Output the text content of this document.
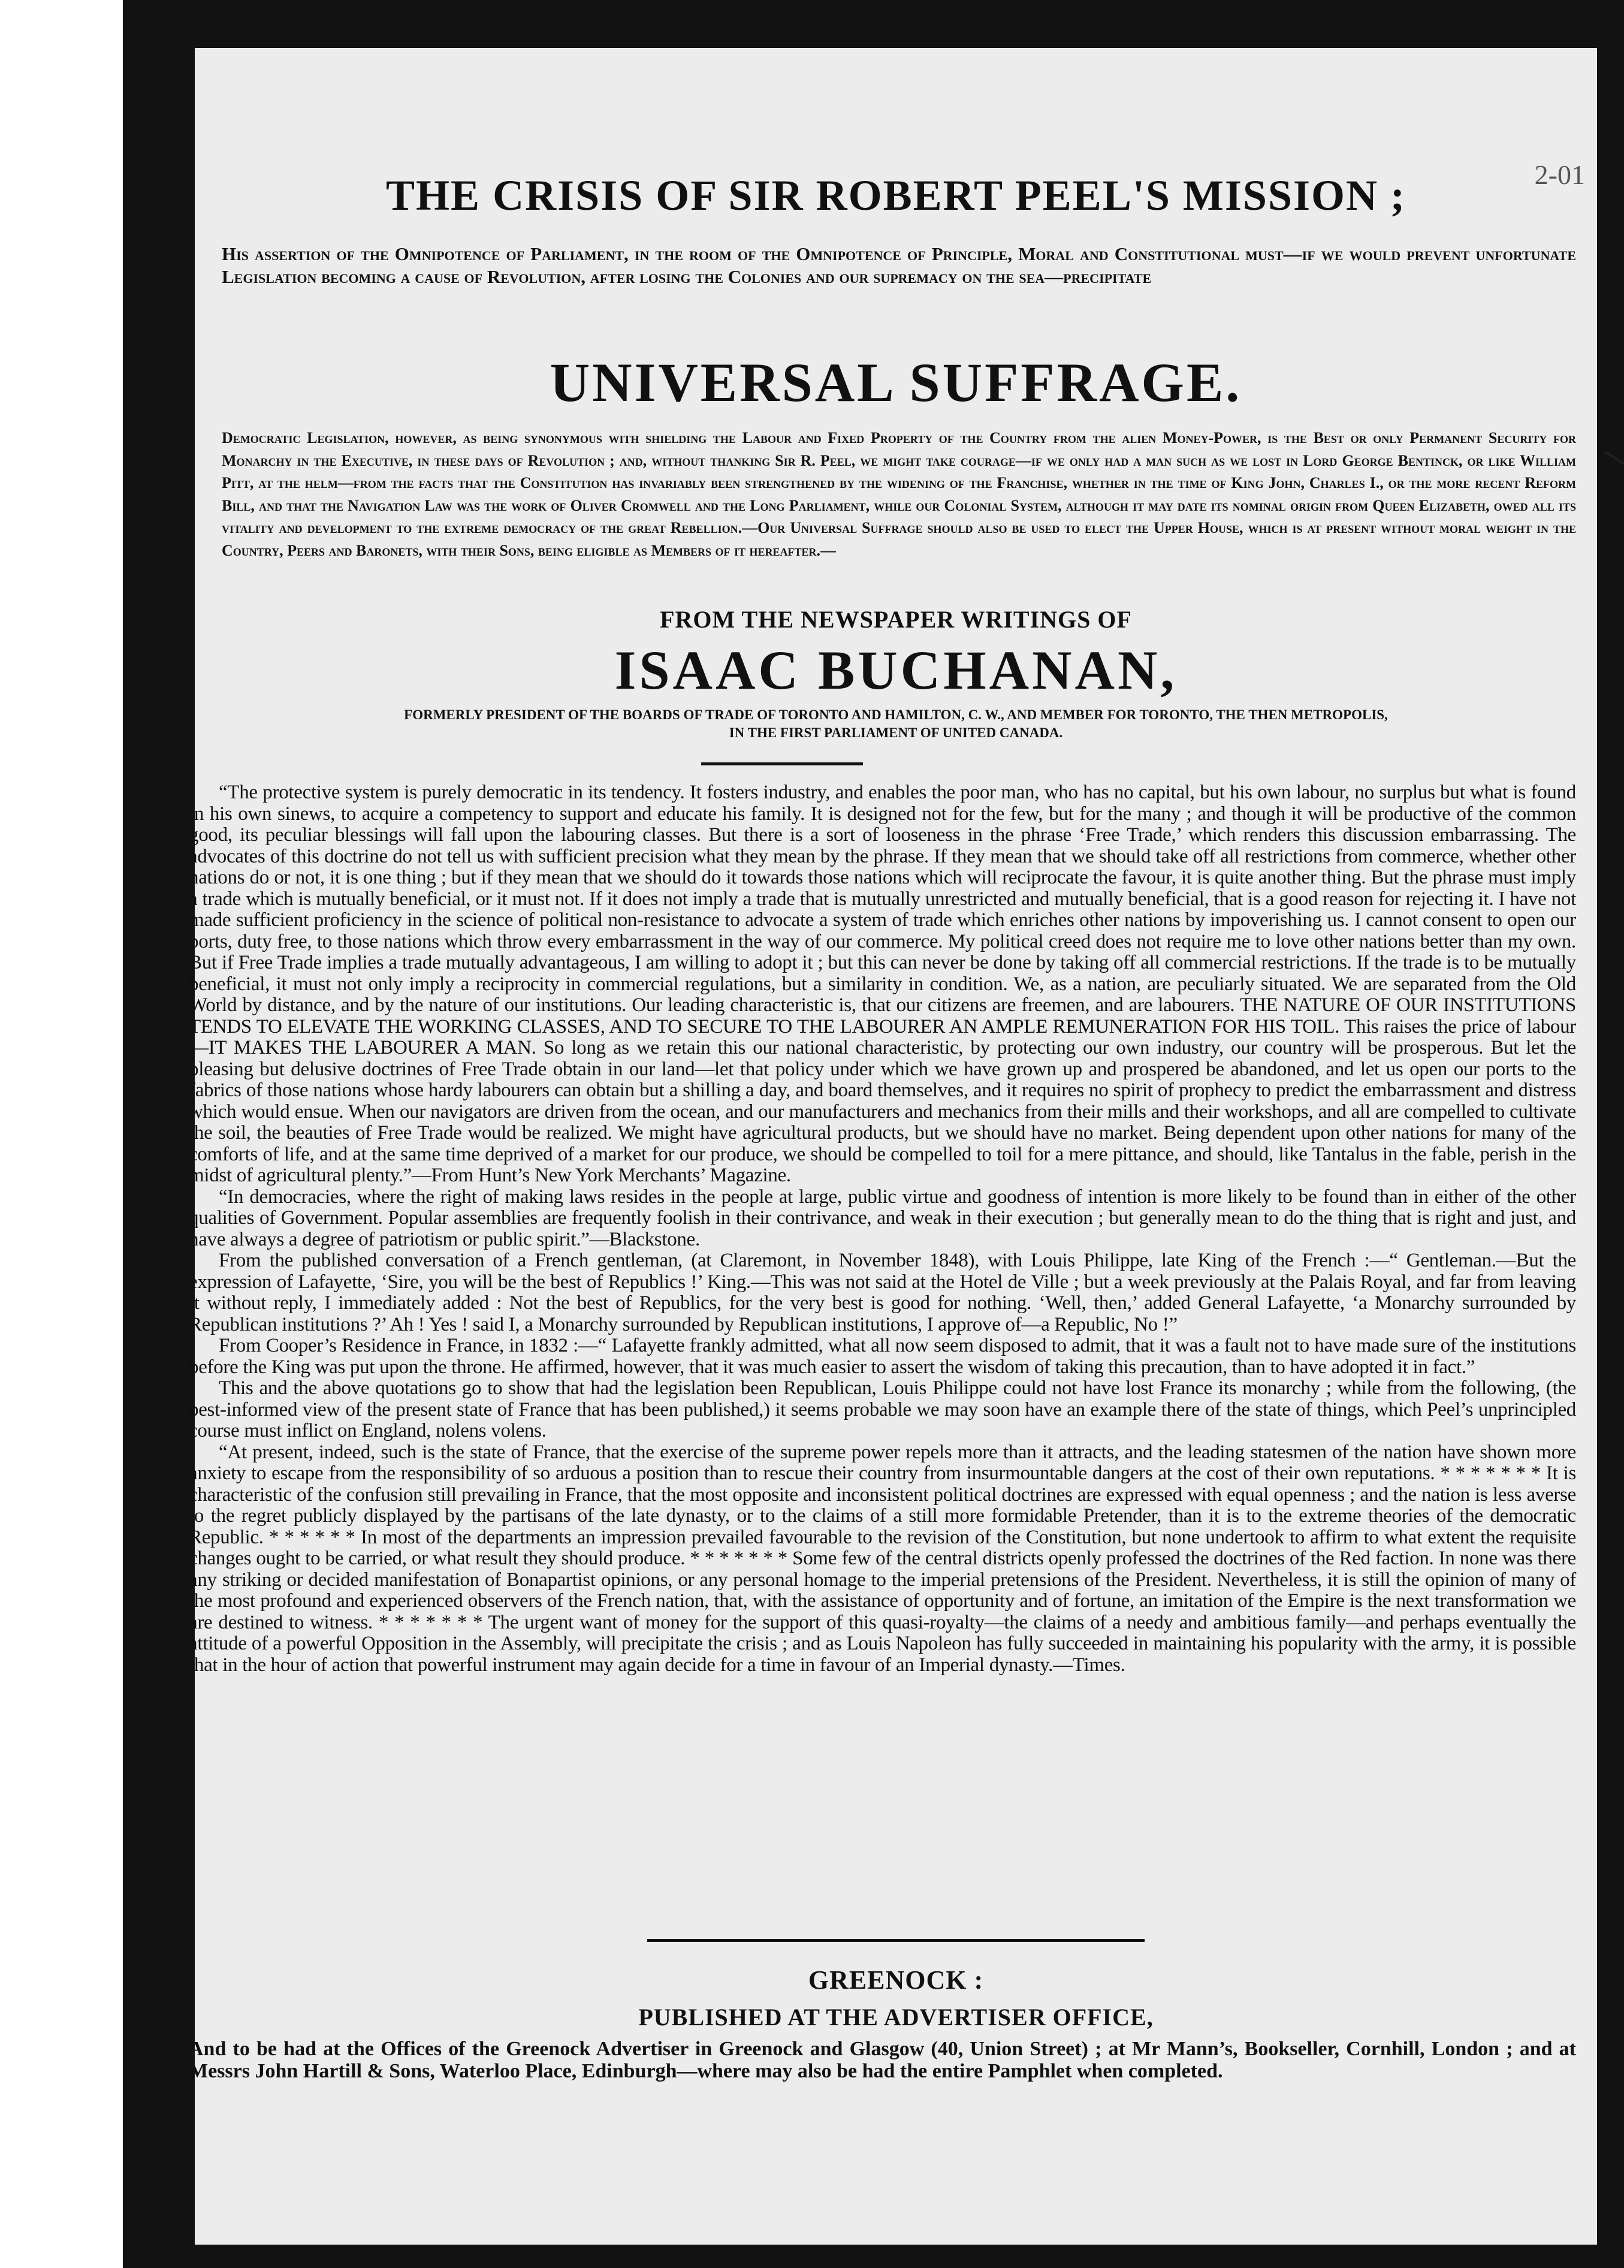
2-01
THE CRISIS OF SIR ROBERT PEEL'S MISSION ;
His assertion of the Omnipotence of Parliament, in the room of the Omnipotence of Principle, Moral and Constitutional must—if we would prevent unfortunate Legislation becoming a cause of Revolution, after losing the Colonies and our supremacy on the sea—precipitate
UNIVERSAL SUFFRAGE.
Democratic Legislation, however, as being synonymous with shielding the Labour and Fixed Property of the Country from the alien Money-Power, is the Best or only Permanent Security for Monarchy in the Executive, in these days of Revolution ; and, without thanking Sir R. Peel, we might take courage—if we only had a man such as we lost in Lord George Bentinck, or like William Pitt, at the helm—from the facts that the Constitution has invariably been strengthened by the widening of the Franchise, whether in the time of King John, Charles I., or the more recent Reform Bill, and that the Navigation Law was the work of Oliver Cromwell and the Long Parliament, while our Colonial System, although it may date its nominal origin from Queen Elizabeth, owed all its vitality and development to the extreme democracy of the great Rebellion.—Our Universal Suffrage should also be used to elect the Upper House, which is at present without moral weight in the Country, Peers and Baronets, with their Sons, being eligible as Members of it hereafter.—
FROM THE NEWSPAPER WRITINGS OF
ISAAC BUCHANAN,
FORMERLY PRESIDENT OF THE BOARDS OF TRADE OF TORONTO AND HAMILTON, C. W., AND MEMBER FOR TORONTO, THE THEN METROPOLIS,
IN THE FIRST PARLIAMENT OF UNITED CANADA.

“The protective system is purely democratic in its tendency. It fosters industry, and enables the poor man, who has no capital, but his own labour, no surplus but what is found in his own sinews, to acquire a competency to support and educate his family. It is designed not for the few, but for the many ; and though it will be productive of the common good, its peculiar blessings will fall upon the labouring classes. But there is a sort of looseness in the phrase ‘Free Trade,’ which renders this discussion embarrassing. The advocates of this doctrine do not tell us with sufficient precision what they mean by the phrase. If they mean that we should take off all restrictions from commerce, whether other nations do or not, it is one thing ; but if they mean that we should do it towards those nations which will reciprocate the favour, it is quite another thing. But the phrase must imply a trade which is mutually beneficial, or it must not. If it does not imply a trade that is mutually unrestricted and mutually beneficial, that is a good reason for rejecting it. I have not made sufficient proficiency in the science of political non-resistance to advocate a system of trade which enriches other nations by impoverishing us. I cannot consent to open our ports, duty free, to those nations which throw every embarrassment in the way of our commerce. My political creed does not require me to love other nations better than my own. But if Free Trade implies a trade mutually advantageous, I am willing to adopt it ; but this can never be done by taking off all commercial restrictions. If the trade is to be mutually beneficial, it must not only imply a reciprocity in commercial regulations, but a similarity in condition. We, as a nation, are peculiarly situated. We are separated from the Old World by distance, and by the nature of our institutions. Our leading characteristic is, that our citizens are freemen, and are labourers. THE NATURE OF OUR INSTITUTIONS TENDS TO ELEVATE THE WORKING CLASSES, AND TO SECURE TO THE LABOURER AN AMPLE REMUNERATION FOR HIS TOIL. This raises the price of labour—IT MAKES THE LABOURER A MAN. So long as we retain this our national characteristic, by protecting our own industry, our country will be prosperous. But let the pleasing but delusive doctrines of Free Trade obtain in our land—let that policy under which we have grown up and prospered be abandoned, and let us open our ports to the fabrics of those nations whose hardy labourers can obtain but a shilling a day, and board themselves, and it requires no spirit of prophecy to predict the embarrassment and distress which would ensue. When our navigators are driven from the ocean, and our manufacturers and mechanics from their mills and their workshops, and all are compelled to cultivate the soil, the beauties of Free Trade would be realized. We might have agricultural products, but we should have no market. Being dependent upon other nations for many of the comforts of life, and at the same time deprived of a market for our produce, we should be compelled to toil for a mere pittance, and should, like Tantalus in the fable, perish in the midst of agricultural plenty.”—From Hunt’s New York Merchants’ Magazine.

“In democracies, where the right of making laws resides in the people at large, public virtue and goodness of intention is more likely to be found than in either of the other qualities of Government. Popular assemblies are frequently foolish in their contrivance, and weak in their execution ; but generally mean to do the thing that is right and just, and have always a degree of patriotism or public spirit.”—Blackstone.

From the published conversation of a French gentleman, (at Claremont, in November 1848), with Louis Philippe, late King of the French :—“ Gentleman.—But the expression of Lafayette, ‘Sire, you will be the best of Republics !’ King.—This was not said at the Hotel de Ville ; but a week previously at the Palais Royal, and far from leaving it without reply, I immediately added : Not the best of Republics, for the very best is good for nothing. ‘Well, then,’ added General Lafayette, ‘a Monarchy surrounded by Republican institutions ?’ Ah ! Yes ! said I, a Monarchy surrounded by Republican institutions, I approve of—a Republic, No !”

From Cooper’s Residence in France, in 1832 :—“ Lafayette frankly admitted, what all now seem disposed to admit, that it was a fault not to have made sure of the institutions before the King was put upon the throne. He affirmed, however, that it was much easier to assert the wisdom of taking this precaution, than to have adopted it in fact.”

This and the above quotations go to show that had the legislation been Republican, Louis Philippe could not have lost France its monarchy ; while from the following, (the best-informed view of the present state of France that has been published,) it seems probable we may soon have an example there of the state of things, which Peel’s unprincipled course must inflict on England, nolens volens.

“At present, indeed, such is the state of France, that the exercise of the supreme power repels more than it attracts, and the leading statesmen of the nation have shown more anxiety to escape from the responsibility of so arduous a position than to rescue their country from insurmountable dangers at the cost of their own reputations. * * * * * * * It is characteristic of the confusion still prevailing in France, that the most opposite and inconsistent political doctrines are expressed with equal openness ; and the nation is less averse to the regret publicly displayed by the partisans of the late dynasty, or to the claims of a still more formidable Pretender, than it is to the extreme theories of the democratic Republic. * * * * * * In most of the departments an impression prevailed favourable to the revision of the Constitution, but none undertook to affirm to what extent the requisite changes ought to be carried, or what result they should produce. * * * * * * * Some few of the central districts openly professed the doctrines of the Red faction. In none was there any striking or decided manifestation of Bonapartist opinions, or any personal homage to the imperial pretensions of the President. Nevertheless, it is still the opinion of many of the most profound and experienced observers of the French nation, that, with the assistance of opportunity and of fortune, an imitation of the Empire is the next transformation we are destined to witness. * * * * * * * The urgent want of money for the support of this quasi-royalty—the claims of a needy and ambitious family—and perhaps eventually the attitude of a powerful Opposition in the Assembly, will precipitate the crisis ; and as Louis Napoleon has fully succeeded in maintaining his popularity with the army, it is possible that in the hour of action that powerful instrument may again decide for a time in favour of an Imperial dynasty.—Times.

GREENOCK :
PUBLISHED AT THE ADVERTISER OFFICE,
And to be had at the Offices of the Greenock Advertiser in Greenock and Glasgow (40, Union Street) ; at Mr Mann’s, Bookseller, Cornhill, London ; and at Messrs John Hartill & Sons, Waterloo Place, Edinburgh—where may also be had the entire Pamphlet when completed.
